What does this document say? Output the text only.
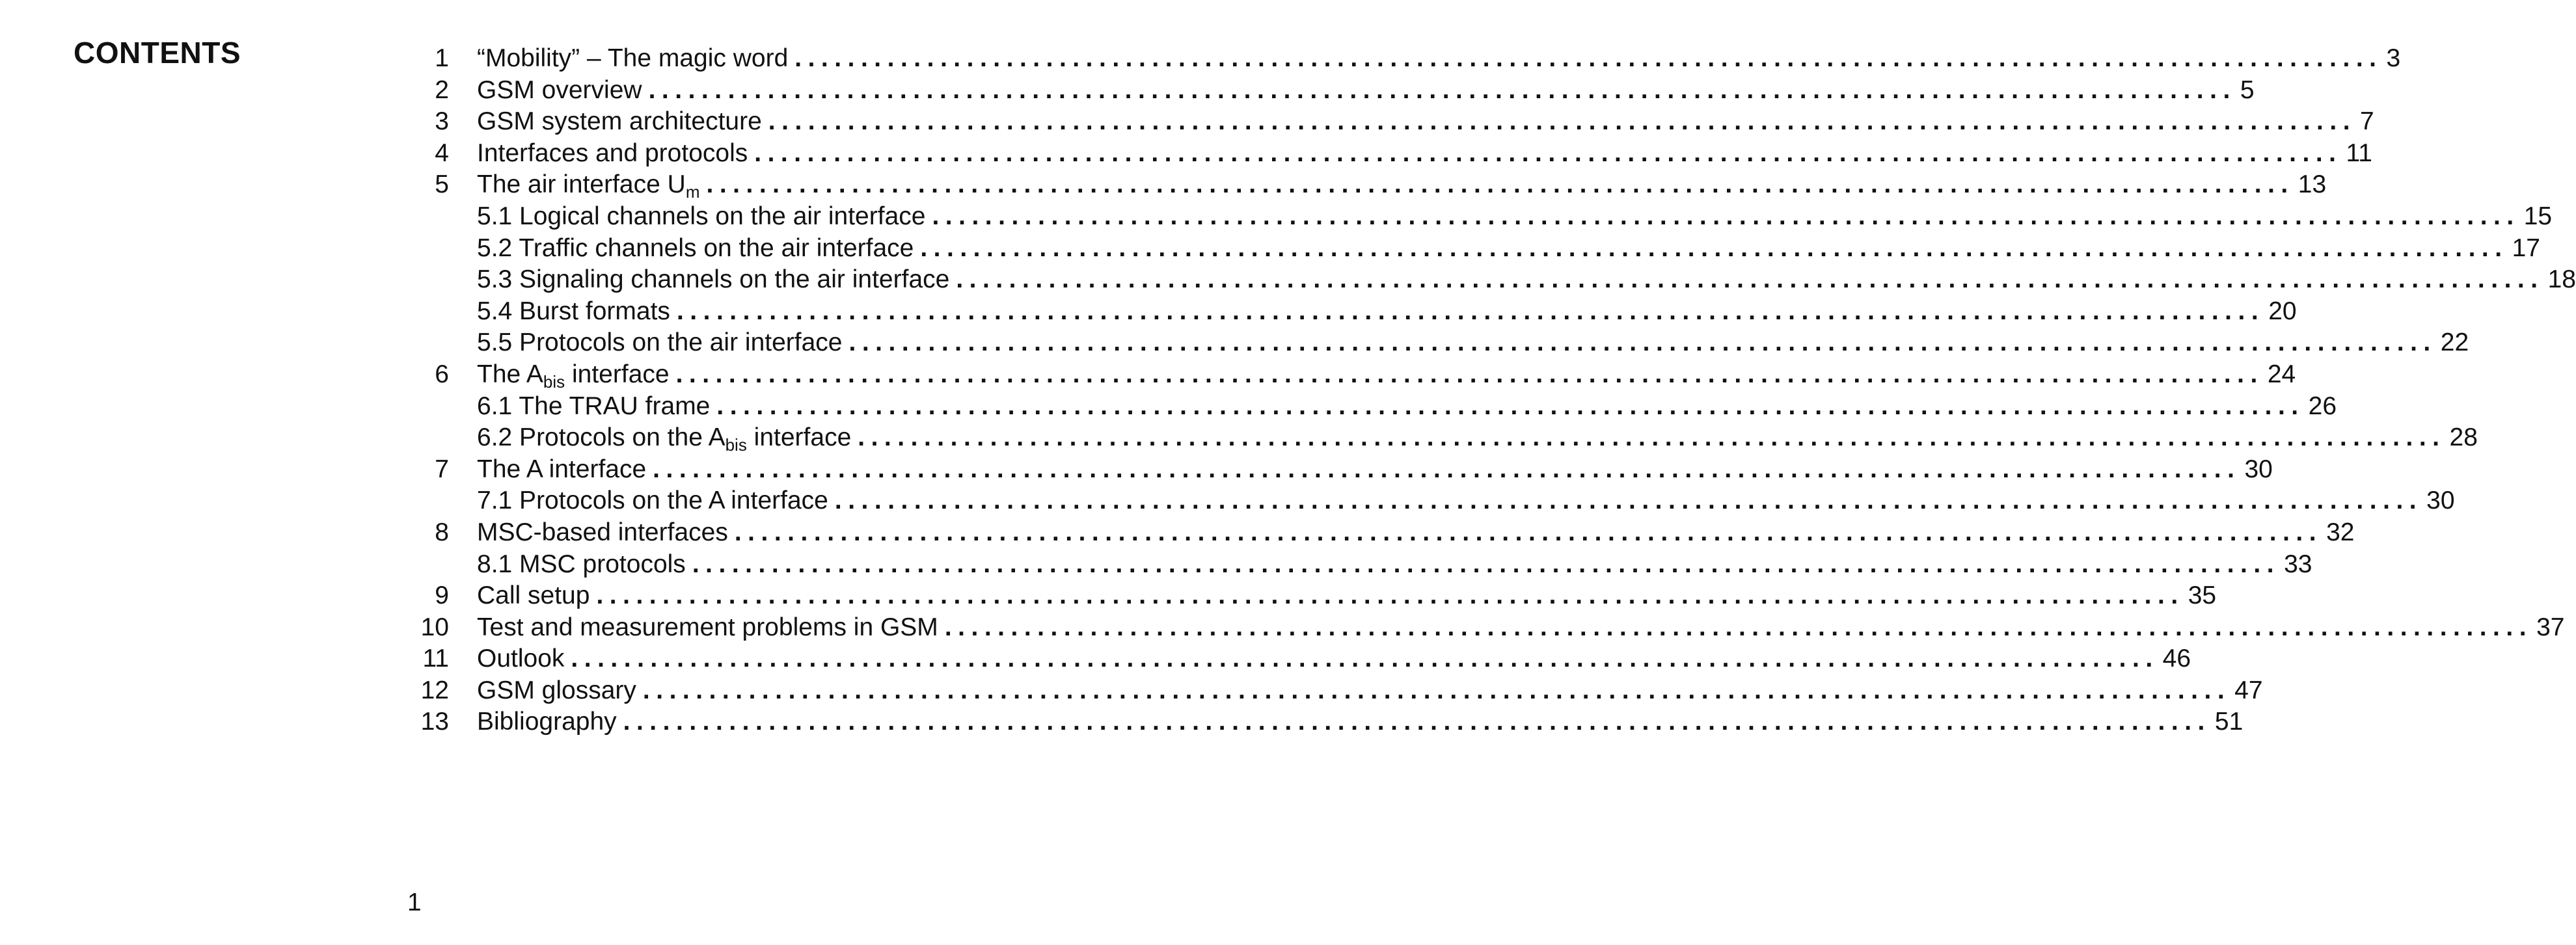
CONTENTS	1 “Mobility” – The magic word ........................................................................................................................ 3
2 GSM overview ........................................................................................................................ 5
3 GSM system architecture ........................................................................................................................ 7
4 Interfaces and protocols ........................................................................................................................ 11
5 The air interface $U_m$ ........................................................................................................................ 13
5.1 Logical channels on the air interface ........................................................................................................................ 15
5.2 Traffic channels on the air interface ........................................................................................................................ 17
5.3 Signaling channels on the air interface ........................................................................................................................ 18
5.4 Burst formats ........................................................................................................................ 20
5.5 Protocols on the air interface ........................................................................................................................ 22
6 The $A_{bis}$ interface ........................................................................................................................ 24
6.1 The TRAU frame ........................................................................................................................ 26
6.2 Protocols on the $A_{bis}$ interface ........................................................................................................................ 28
7 The A interface ........................................................................................................................ 30
7.1 Protocols on the A interface ........................................................................................................................ 30
8 MSC-based interfaces ........................................................................................................................ 32
8.1 MSC protocols ........................................................................................................................ 33
9 Call setup ........................................................................................................................ 35
10 Test and measurement problems in GSM ........................................................................................................................ 37
11 Outlook ........................................................................................................................ 46
12 GSM glossary ........................................................................................................................ 47
13 Bibliography ........................................................................................................................ 51
1
